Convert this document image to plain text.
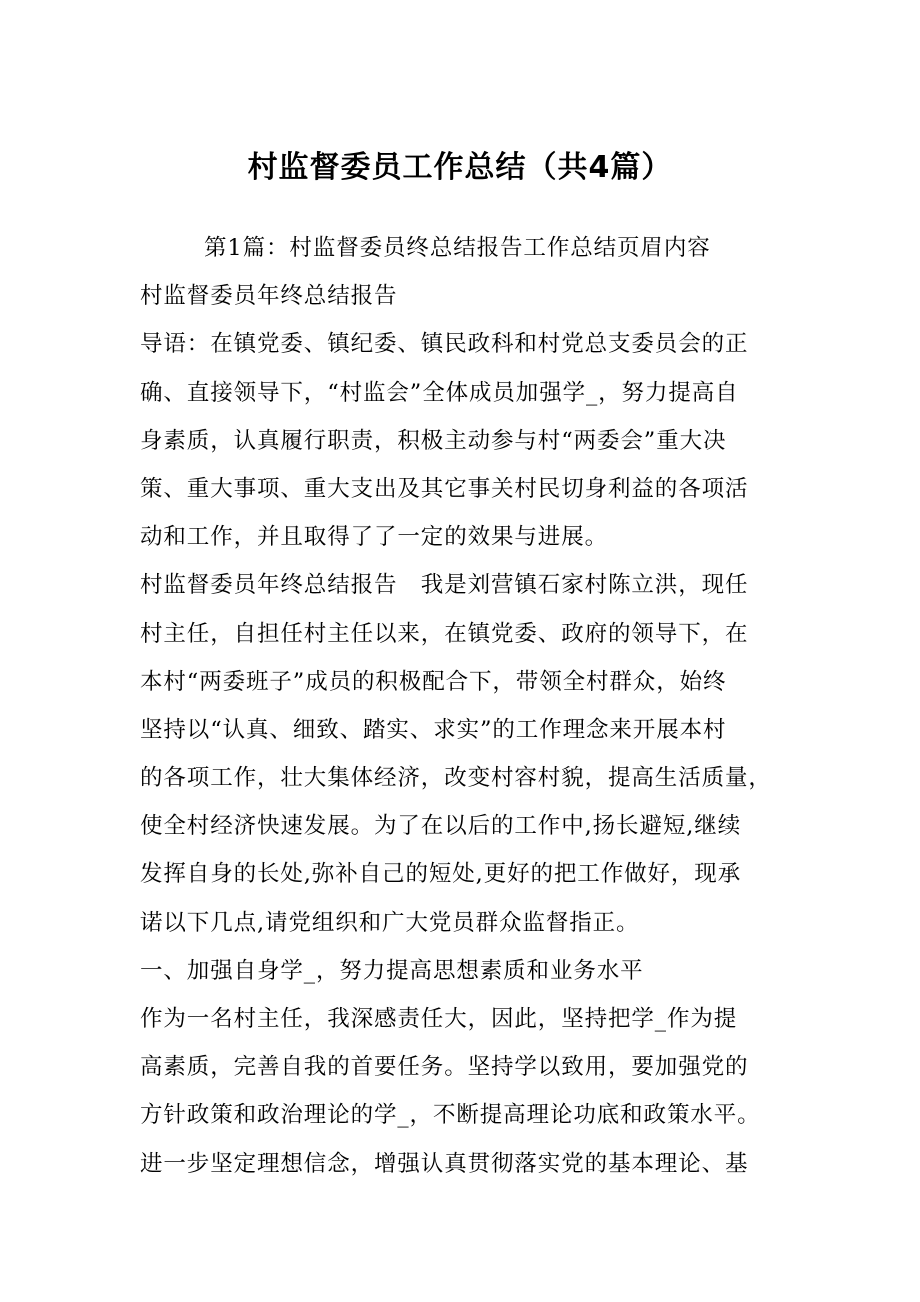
村监督委员工作总结（共4篇）

第1篇：村监督委员终总结报告工作总结页眉内容

村监督委员年终总结报告

导语：在镇党委、镇纪委、镇民政科和村党总支委员会的正

确、直接领导下，“村监会”全体成员加强学_，努力提高自

身素质，认真履行职责，积极主动参与村“两委会”重大决

策、重大事项、重大支出及其它事关村民切身利益的各项活

动和工作，并且取得了了一定的效果与进展。

村监督委员年终总结报告　我是刘营镇石家村陈立洪，现任

村主任，自担任村主任以来，在镇党委、政府的领导下，在

本村“两委班子”成员的积极配合下，带领全村群众，始终

坚持以“认真、细致、踏实、求实”的工作理念来开展本村

的各项工作，壮大集体经济，改变村容村貌，提高生活质量，

使全村经济快速发展。为了在以后的工作中,扬长避短,继续

发挥自身的长处,弥补自己的短处,更好的把工作做好，现承

诺以下几点,请党组织和广大党员群众监督指正。

一、加强自身学_，努力提高思想素质和业务水平

作为一名村主任，我深感责任大，因此，坚持把学_作为提

高素质，完善自我的首要任务。坚持学以致用，要加强党的

方针政策和政治理论的学_，不断提高理论功底和政策水平。

进一步坚定理想信念，增强认真贯彻落实党的基本理论、基
